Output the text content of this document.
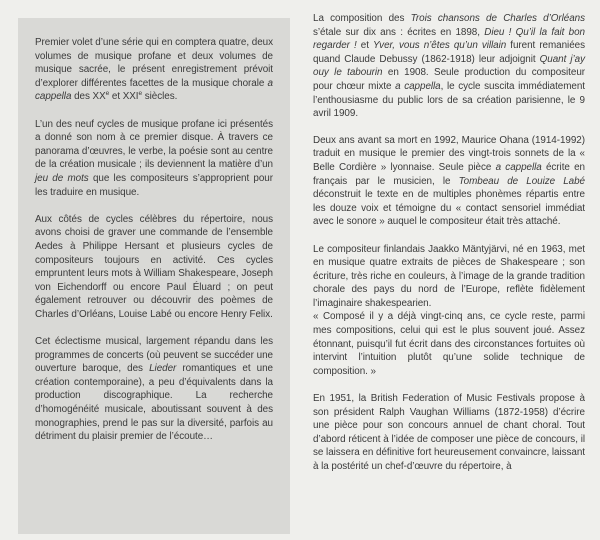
Premier volet d’une série qui en comptera quatre, deux volumes de musique profane et deux volumes de musique sacrée, le présent enregistrement prévoit d’explorer différentes facettes de la musique chorale a cappella des XXe et XXIe siècles.

L’un des neuf cycles de musique profane ici présentés a donné son nom à ce premier disque. À travers ce panorama d’œuvres, le verbe, la poésie sont au centre de la création musicale ; ils deviennent la matière d’un jeu de mots que les compositeurs s’approprient pour les traduire en musique.

Aux côtés de cycles célèbres du répertoire, nous avons choisi de graver une commande de l’ensemble Aedes à Philippe Hersant et plusieurs cycles de compositeurs toujours en activité. Ces cycles empruntent leurs mots à William Shakespeare, Joseph von Eichendorff ou encore Paul Éluard ; on peut également retrouver ou découvrir des poèmes de Charles d’Orléans, Louise Labé ou encore Henry Felix.

Cet éclectisme musical, largement répandu dans les programmes de concerts (où peuvent se succéder une ouverture baroque, des Lieder romantiques et une création contemporaine), a peu d’équivalents dans la production discographique. La recherche d’homogénéité musicale, aboutissant souvent à des monographies, prend le pas sur la diversité, parfois au détriment du plaisir premier de l’écoute…

La composition des Trois chansons de Charles d’Orléans s’étale sur dix ans : écrites en 1898, Dieu ! Qu’il la fait bon regarder ! et Yver, vous n’êtes qu’un villain furent remaniées quand Claude Debussy (1862-1918) leur adjoignit Quant j’ay ouy le tabourin en 1908. Seule production du compositeur pour chœur mixte a cappella, le cycle suscita immédiatement l’enthousiasme du public lors de sa création parisienne, le 9 avril 1909.

Deux ans avant sa mort en 1992, Maurice Ohana (1914-1992) traduit en musique le premier des vingt-trois sonnets de la « Belle Cordière » lyonnaise. Seule pièce a cappella écrite en français par le musicien, le Tombeau de Louize Labé déconstruit le texte en de multiples phonèmes répartis entre les douze voix et témoigne du « contact sensoriel immédiat avec le sonore » auquel le compositeur était très attaché.

Le compositeur finlandais Jaakko Mäntyjärvi, né en 1963, met en musique quatre extraits de pièces de Shakespeare ; son écriture, très riche en couleurs, à l’image de la grande tradition chorale des pays du nord de l’Europe, reflète fidèlement l’imaginaire shakespearien.

« Composé il y a déjà vingt-cinq ans, ce cycle reste, parmi mes compositions, celui qui est le plus souvent joué. Assez étonnant, puisqu’il fut écrit dans des circonstances fortuites où intervint l’intuition plutôt qu’une solide technique de composition. »

En 1951, la British Federation of Music Festivals propose à son président Ralph Vaughan Williams (1872-1958) d’écrire une pièce pour son concours annuel de chant choral. Tout d’abord réticent à l’idée de composer une pièce de concours, il se laissera en définitive fort heureusement convaincre, laissant à la postérité un chef-d’œuvre du répertoire, à
